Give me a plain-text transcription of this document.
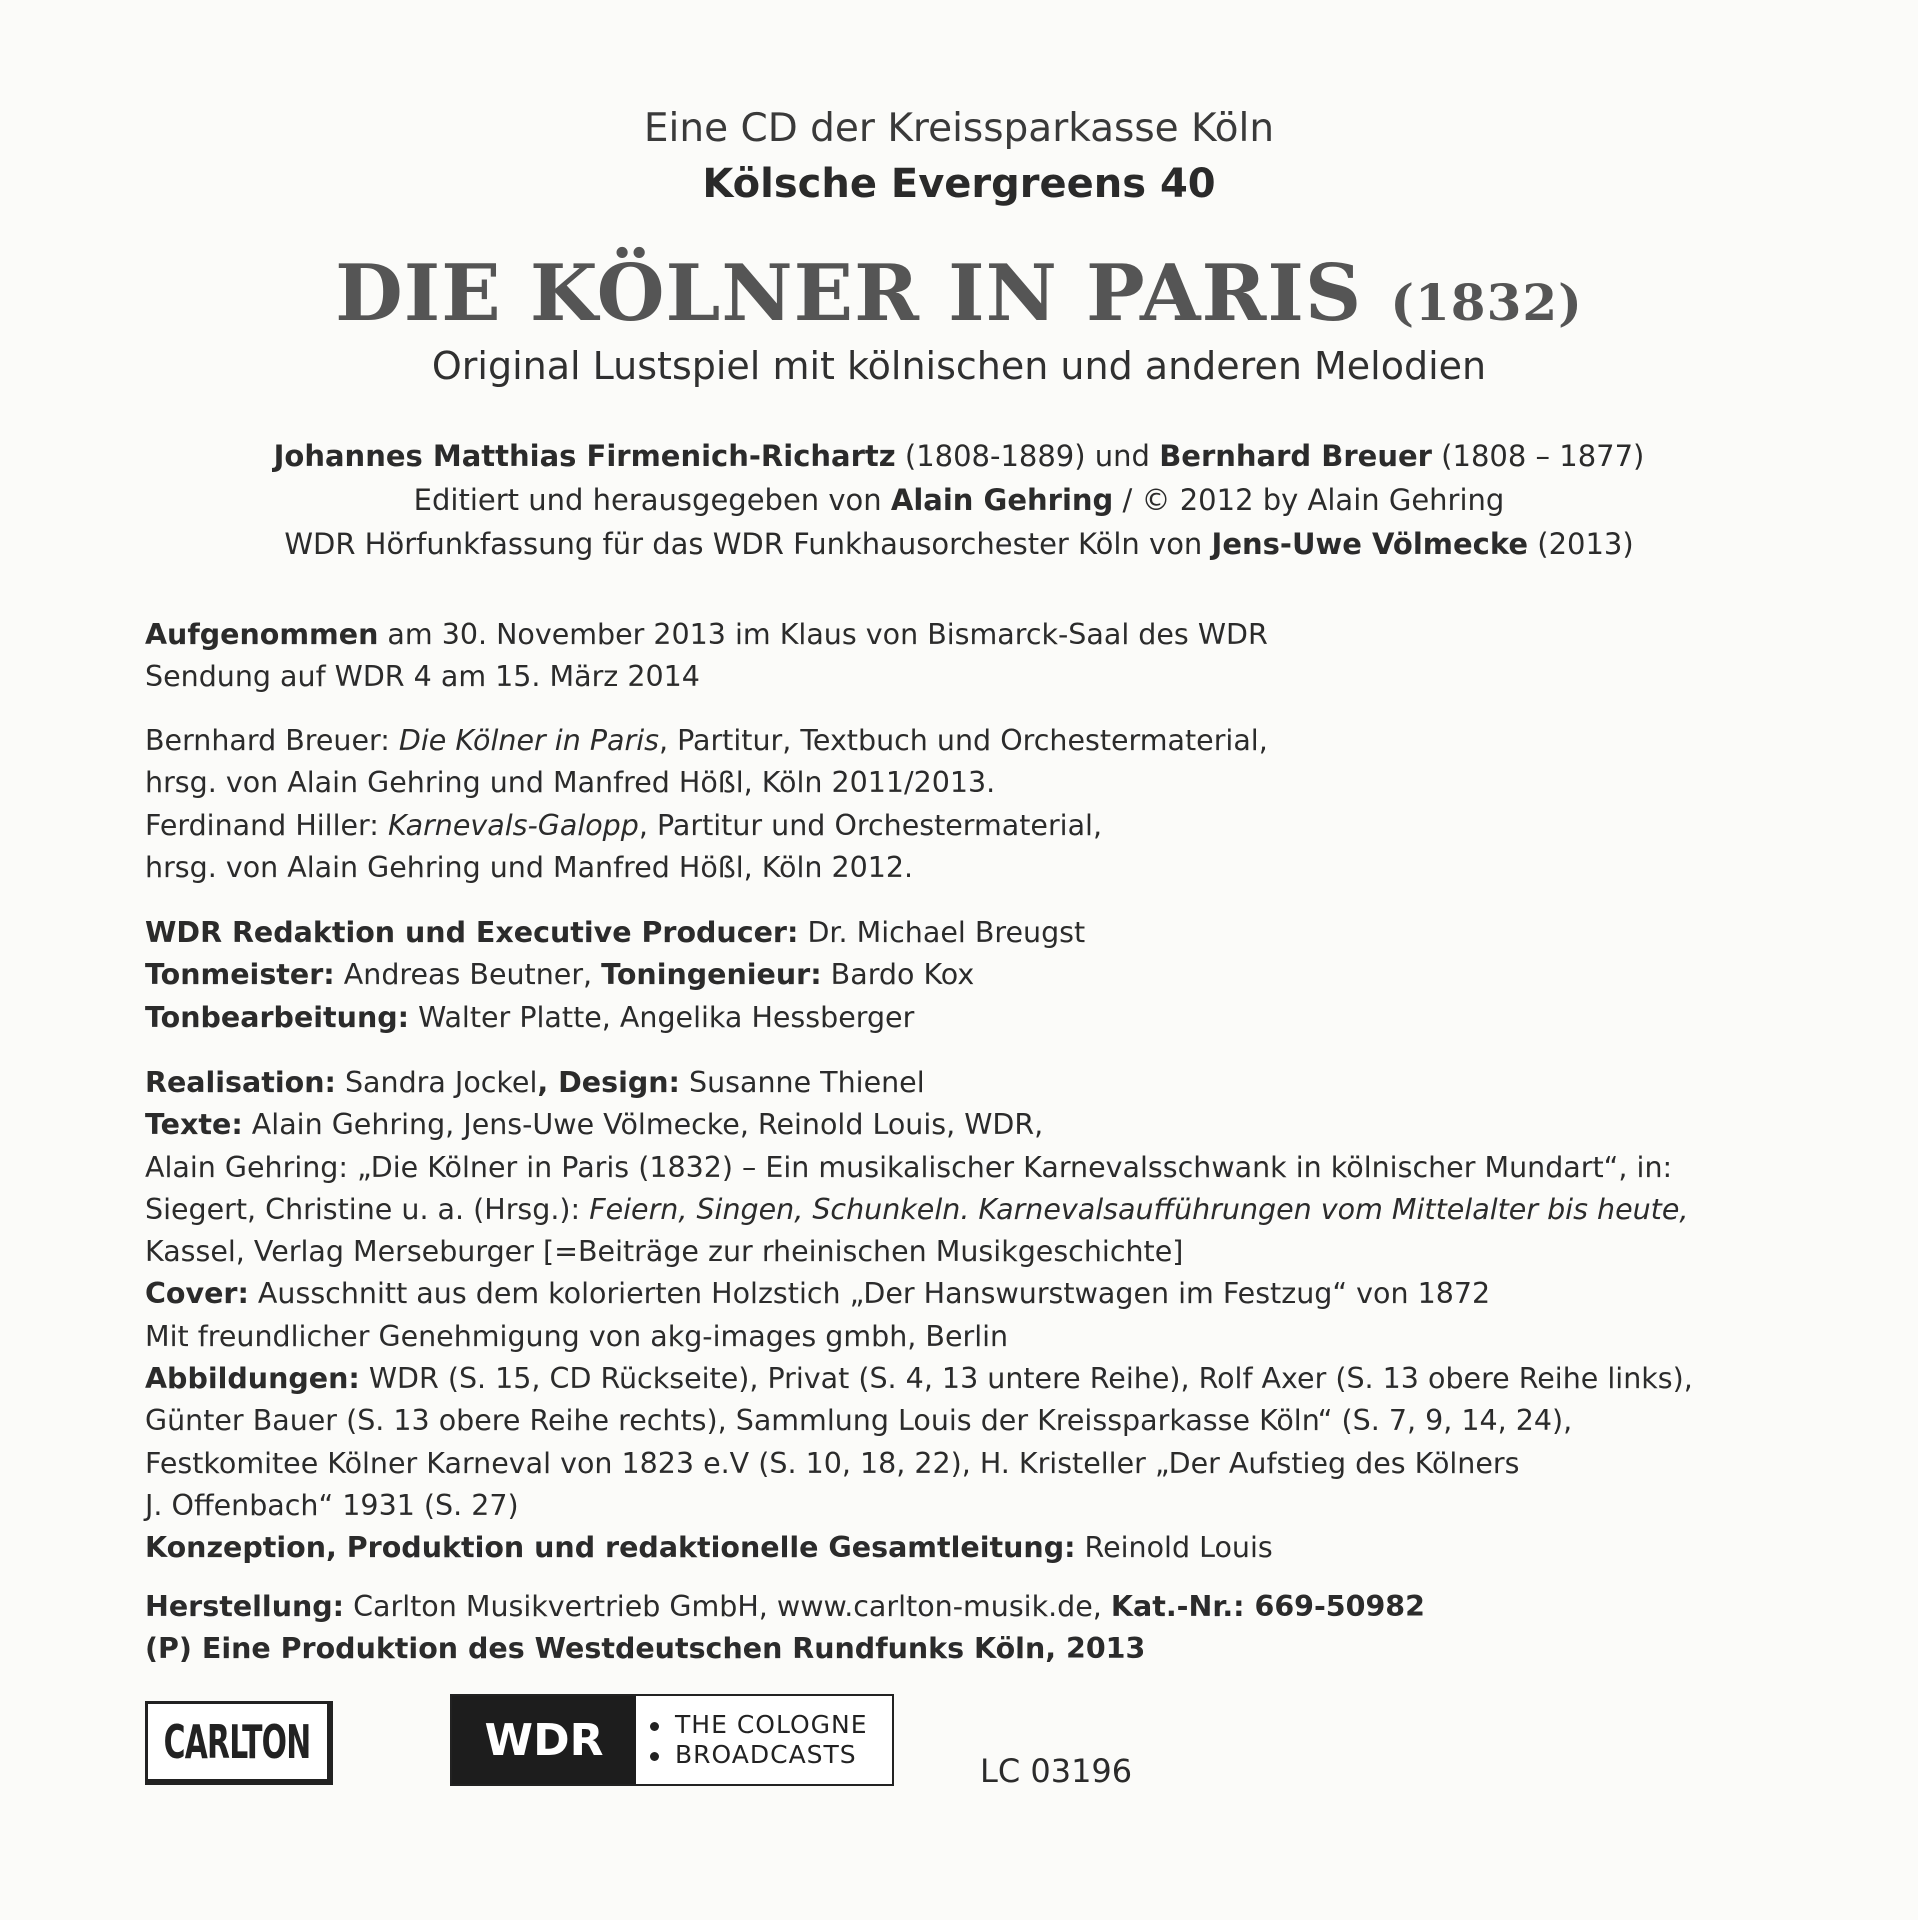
Eine CD der Kreissparkasse Köln
Kölsche Evergreens 40
DIE KÖLNER IN PARIS (1832)
Original Lustspiel mit kölnischen und anderen Melodien
Johannes Matthias Firmenich-Richartz (1808-1889) und Bernhard Breuer (1808 – 1877)
Editiert und herausgegeben von Alain Gehring / © 2012 by Alain Gehring
WDR Hörfunkfassung für das WDR Funkhausorchester Köln von Jens-Uwe Völmecke (2013)
Aufgenommen am 30. November 2013 im Klaus von Bismarck-Saal des WDR
Sendung auf WDR 4 am 15. März 2014
Bernhard Breuer: Die Kölner in Paris, Partitur, Textbuch und Orchestermaterial,
hrsg. von Alain Gehring und Manfred Hößl, Köln 2011/2013.
Ferdinand Hiller: Karnevals-Galopp, Partitur und Orchestermaterial,
hrsg. von Alain Gehring und Manfred Hößl, Köln 2012.
WDR Redaktion und Executive Producer: Dr. Michael Breugst
Tonmeister: Andreas Beutner, Toningenieur: Bardo Kox
Tonbearbeitung: Walter Platte, Angelika Hessberger
Realisation: Sandra Jockel, Design: Susanne Thienel
Texte: Alain Gehring, Jens-Uwe Völmecke, Reinold Louis, WDR,
Alain Gehring: „Die Kölner in Paris (1832) – Ein musikalischer Karnevalsschwank in kölnischer Mundart“, in:
Siegert, Christine u. a. (Hrsg.): Feiern, Singen, Schunkeln. Karnevalsaufführungen vom Mittelalter bis heute,
Kassel, Verlag Merseburger [=Beiträge zur rheinischen Musikgeschichte]
Cover: Ausschnitt aus dem kolorierten Holzstich „Der Hanswurstwagen im Festzug“ von 1872
Mit freundlicher Genehmigung von akg-images gmbh, Berlin
Abbildungen: WDR (S. 15, CD Rückseite), Privat (S. 4, 13 untere Reihe), Rolf Axer (S. 13 obere Reihe links),
Günter Bauer (S. 13 obere Reihe rechts), Sammlung Louis der Kreissparkasse Köln“ (S. 7, 9, 14, 24),
Festkomitee Kölner Karneval von 1823 e.V (S. 10, 18, 22), H. Kristeller „Der Aufstieg des Kölners
J. Offenbach“ 1931 (S. 27)
Konzeption, Produktion und redaktionelle Gesamtleitung: Reinold Louis
Herstellung: Carlton Musikvertrieb GmbH, www.carlton-musik.de, Kat.-Nr.: 669-50982
(P) Eine Produktion des Westdeutschen Rundfunks Köln, 2013
CARLTON	WDR	THE COLOGNE
BROADCASTS	LC 03196
